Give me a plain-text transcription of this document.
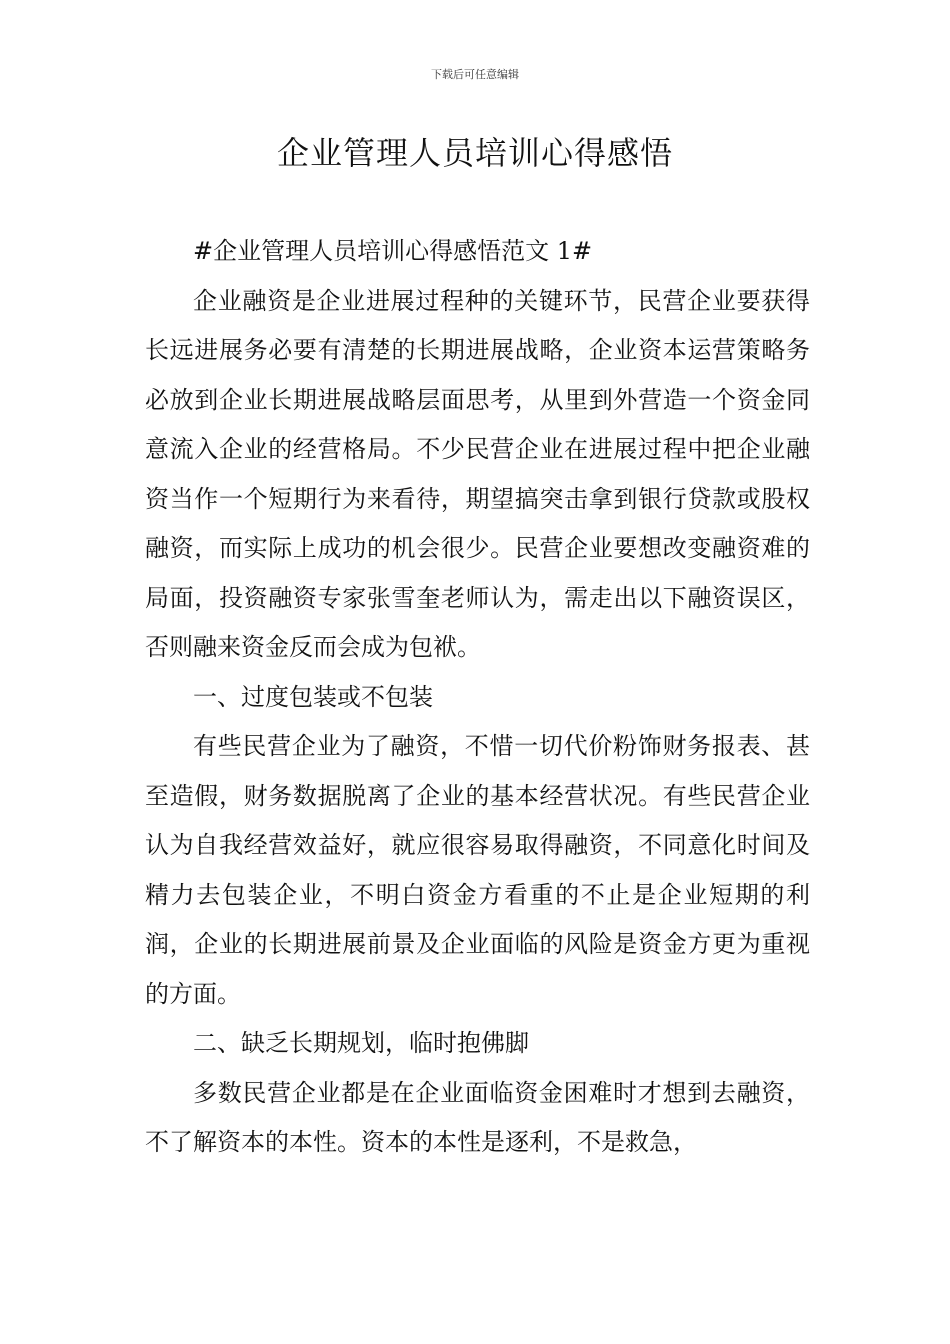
下载后可任意编辑
企业管理人员培训心得感悟

#企业管理人员培训心得感悟范文 1#

企业融资是企业进展过程种的关键环节，民营企业要获得长远进展务必要有清楚的长期进展战略，企业资本运营策略务必放到企业长期进展战略层面思考，从里到外营造一个资金同意流入企业的经营格局。不少民营企业在进展过程中把企业融资当作一个短期行为来看待，期望搞突击拿到银行贷款或股权融资，而实际上成功的机会很少。民营企业要想改变融资难的局面，投资融资专家张雪奎老师认为，需走出以下融资误区，否则融来资金反而会成为包袱。

一、过度包装或不包装

有些民营企业为了融资，不惜一切代价粉饰财务报表、甚至造假，财务数据脱离了企业的基本经营状况。有些民营企业认为自我经营效益好，就应很容易取得融资，不同意化时间及精力去包装企业，不明白资金方看重的不止是企业短期的利润，企业的长期进展前景及企业面临的风险是资金方更为重视的方面。

二、缺乏长期规划，临时抱佛脚

多数民营企业都是在企业面临资金困难时才想到去融资，不了解资本的本性。资本的本性是逐利，不是救急，
